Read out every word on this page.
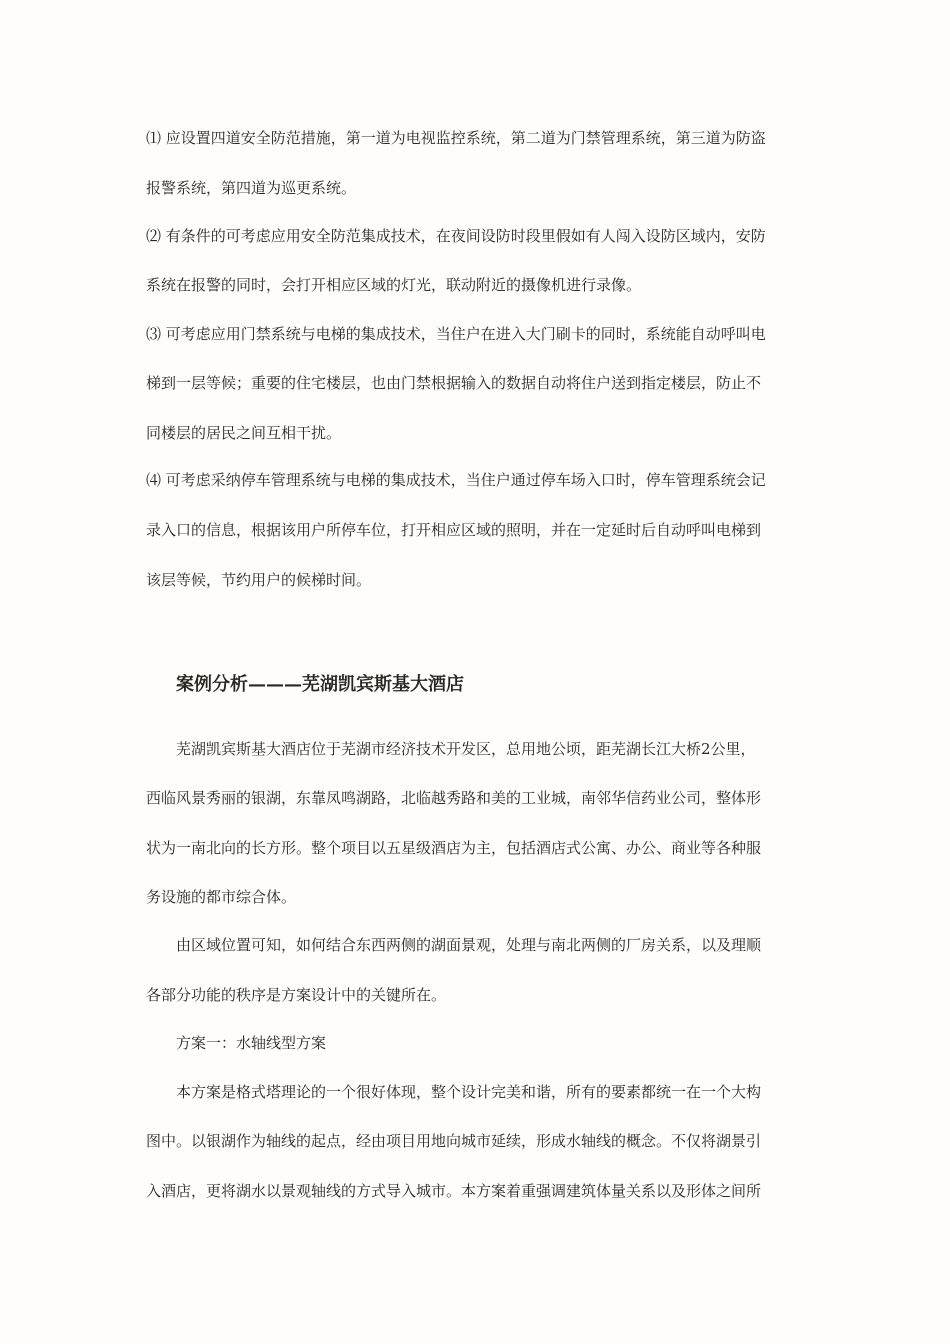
⑴ 应设置四道安全防范措施，第一道为电视监控系统，第二道为门禁管理系统，第三道为防盗
报警系统，第四道为巡更系统。
⑵ 有条件的可考虑应用安全防范集成技术，在夜间设防时段里假如有人闯入设防区域内，安防
系统在报警的同时，会打开相应区域的灯光，联动附近的摄像机进行录像。
⑶ 可考虑应用门禁系统与电梯的集成技术，当住户在进入大门刷卡的同时，系统能自动呼叫电
梯到一层等候；重要的住宅楼层，也由门禁根据输入的数据自动将住户送到指定楼层，防止不
同楼层的居民之间互相干扰。
⑷ 可考虑采纳停车管理系统与电梯的集成技术，当住户通过停车场入口时，停车管理系统会记
录入口的信息，根据该用户所停车位，打开相应区域的照明，并在一定延时后自动呼叫电梯到
该层等候，节约用户的候梯时间。
案例分析———芜湖凯宾斯基大酒店
芜湖凯宾斯基大酒店位于芜湖市经济技术开发区，总用地公顷，距芜湖长江大桥2公里，
西临风景秀丽的银湖，东靠凤鸣湖路，北临越秀路和美的工业城，南邻华信药业公司，整体形
状为一南北向的长方形。整个项目以五星级酒店为主，包括酒店式公寓、办公、商业等各种服
务设施的都市综合体。
由区域位置可知，如何结合东西两侧的湖面景观，处理与南北两侧的厂房关系，以及理顺
各部分功能的秩序是方案设计中的关键所在。
方案一：水轴线型方案
本方案是格式塔理论的一个很好体现，整个设计完美和谐，所有的要素都统一在一个大构
图中。以银湖作为轴线的起点，经由项目用地向城市延续，形成水轴线的概念。不仅将湖景引
入酒店，更将湖水以景观轴线的方式导入城市。本方案着重强调建筑体量关系以及形体之间所
